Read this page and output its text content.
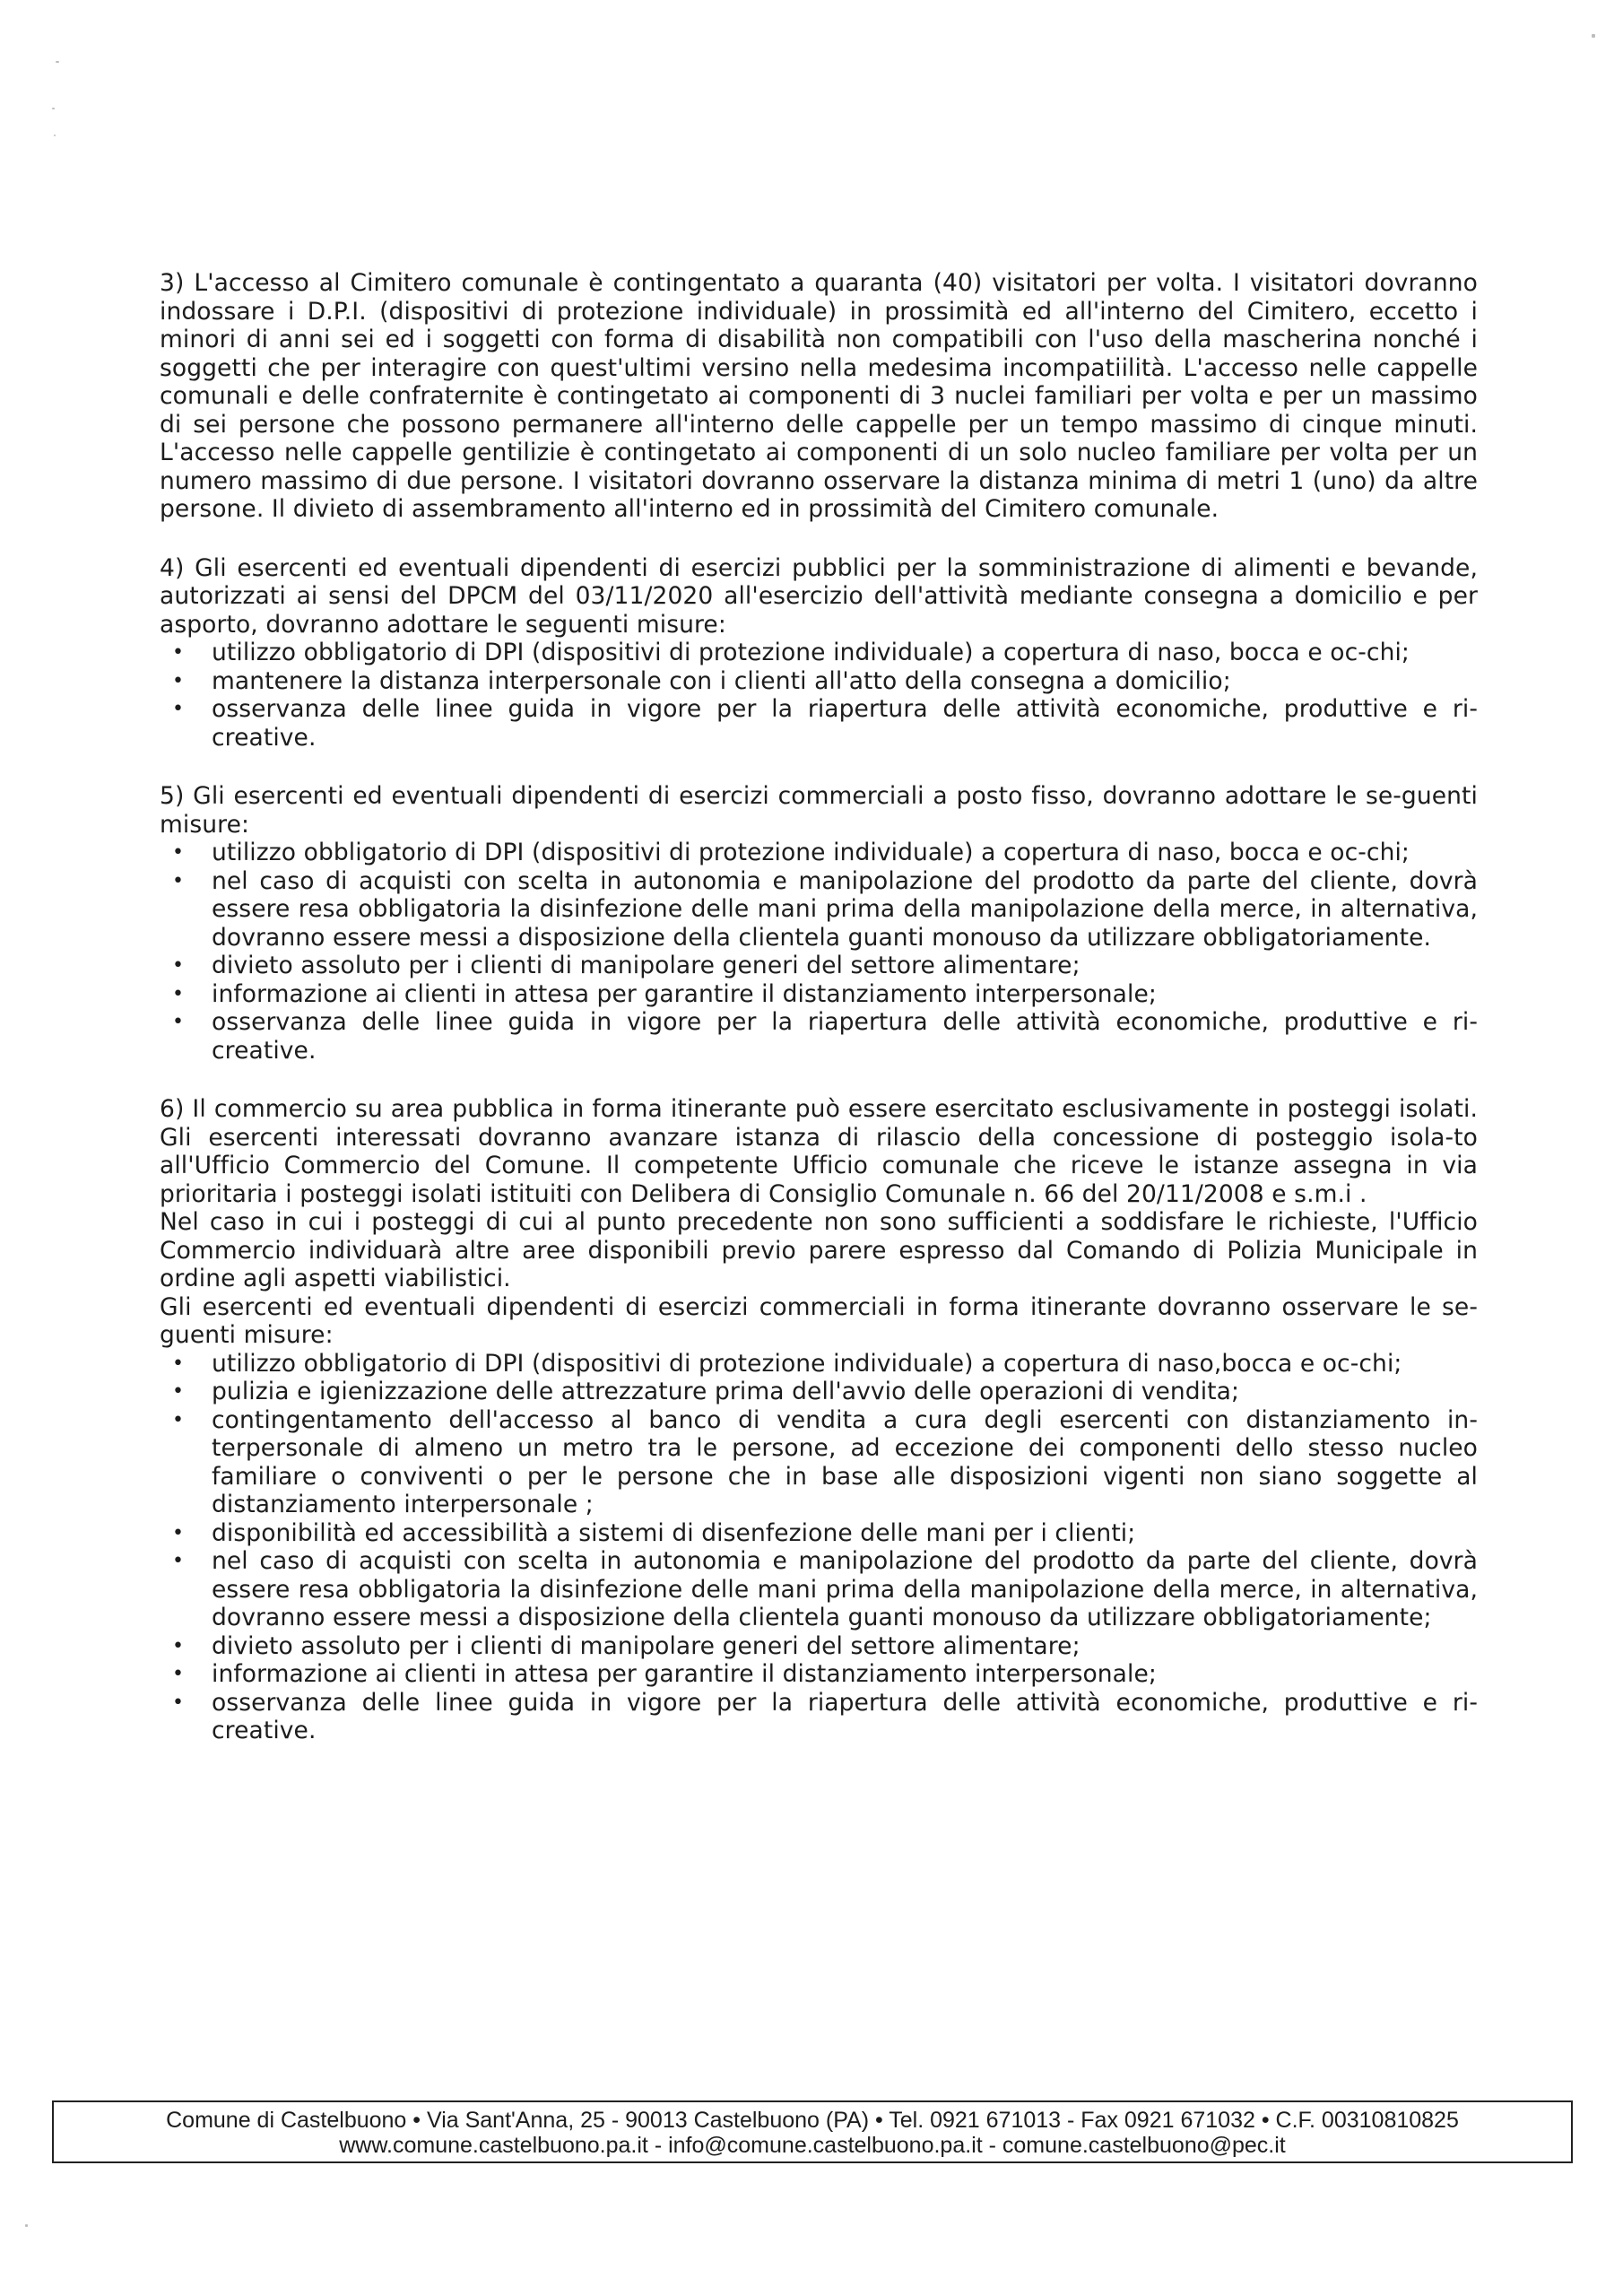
3) L'accesso al Cimitero comunale è contingentato a quaranta (40) visitatori per volta. I visitatori dovranno indossare i D.P.I. (dispositivi di protezione individuale) in prossimità ed all'interno del Cimitero, eccetto i minori di anni sei ed i soggetti con forma di disabilità non compatibili con l'uso della mascherina nonché i soggetti che per interagire con quest'ultimi versino nella medesima incompatiilità. L'accesso nelle cappelle comunali e delle confraternite è contingetato ai componenti di 3 nuclei familiari per volta e per un massimo di sei persone che possono permanere all'interno delle cappelle per un tempo massimo di cinque minuti. L'accesso nelle cappelle gentilizie è contingetato ai componenti di un solo nucleo familiare per volta per un numero massimo di due persone. I visitatori dovranno osservare la distanza minima di metri 1 (uno) da altre persone. Il divieto di assembramento all'interno ed in prossimità del Cimitero comunale.

4) Gli esercenti ed eventuali dipendenti di esercizi pubblici per la somministrazione di alimenti e bevande, autorizzati ai sensi del DPCM del 03/11/2020 all'esercizio dell'attività mediante consegna a domicilio e per asporto, dovranno adottare le seguenti misure:

• utilizzo obbligatorio di DPI (dispositivi di protezione individuale) a copertura di naso, bocca e oc-chi;
• mantenere la distanza interpersonale con i clienti all'atto della consegna a domicilio;
• osservanza delle linee guida in vigore per la riapertura delle attività economiche, produttive e ri-creative.

5) Gli esercenti ed eventuali dipendenti di esercizi commerciali a posto fisso, dovranno adottare le se-guenti misure:

• utilizzo obbligatorio di DPI (dispositivi di protezione individuale) a copertura di naso, bocca e oc-chi;
• nel caso di acquisti con scelta in autonomia e manipolazione del prodotto da parte del cliente, dovrà essere resa obbligatoria la disinfezione delle mani prima della manipolazione della merce, in alternativa, dovranno essere messi a disposizione della clientela guanti monouso da utilizzare obbligatoriamente.
• divieto assoluto per i clienti di manipolare generi del settore alimentare;
• informazione ai clienti in attesa per garantire il distanziamento interpersonale;
• osservanza delle linee guida in vigore per la riapertura delle attività economiche, produttive e ri-creative.

6) Il commercio su area pubblica in forma itinerante può essere esercitato esclusivamente in posteggi isolati. Gli esercenti interessati dovranno avanzare istanza di rilascio della concessione di posteggio isola-to all'Ufficio Commercio del Comune. Il competente Ufficio comunale che riceve le istanze assegna in via prioritaria i posteggi isolati istituiti con Delibera di Consiglio Comunale n. 66 del 20/11/2008 e s.m.i .

Nel caso in cui i posteggi di cui al punto precedente non sono sufficienti a soddisfare le richieste, l'Ufficio Commercio individuarà altre aree disponibili previo parere espresso dal Comando di Polizia Municipale in ordine agli aspetti viabilistici.

Gli esercenti ed eventuali dipendenti di esercizi commerciali in forma itinerante dovranno osservare le se-guenti misure:

• utilizzo obbligatorio di DPI (dispositivi di protezione individuale) a copertura di naso,bocca e oc-chi;
• pulizia e igienizzazione delle attrezzature prima dell'avvio delle operazioni di vendita;
• contingentamento dell'accesso al banco di vendita a cura degli esercenti con distanziamento in-terpersonale di almeno un metro tra le persone, ad eccezione dei componenti dello stesso nucleo familiare o conviventi o per le persone che in base alle disposizioni vigenti non siano soggette al distanziamento interpersonale ;
• disponibilità ed accessibilità a sistemi di disenfezione delle mani per i clienti;
• nel caso di acquisti con scelta in autonomia e manipolazione del prodotto da parte del cliente, dovrà essere resa obbligatoria la disinfezione delle mani prima della manipolazione della merce, in alternativa, dovranno essere messi a disposizione della clientela guanti monouso da utilizzare obbligatoriamente;
• divieto assoluto per i clienti di manipolare generi del settore alimentare;
• informazione ai clienti in attesa per garantire il distanziamento interpersonale;
• osservanza delle linee guida in vigore per la riapertura delle attività economiche, produttive e ri-creative.
Comune di Castelbuono • Via Sant'Anna, 25 - 90013 Castelbuono (PA) • Tel. 0921 671013 - Fax 0921 671032 • C.F. 00310810825
www.comune.castelbuono.pa.it - info@comune.castelbuono.pa.it - comune.castelbuono@pec.it
